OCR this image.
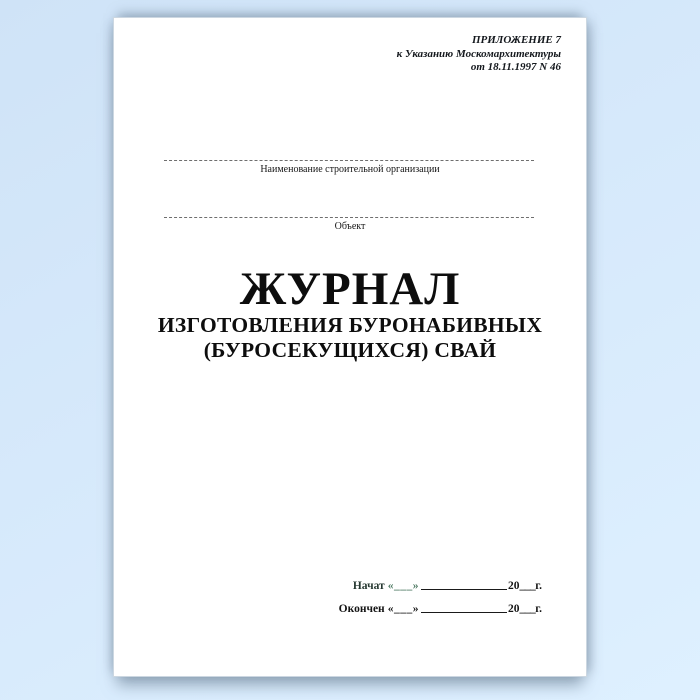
ПРИЛОЖЕНИЕ 7
к Указанию Москомархитектуры
от 18.11.1997 N 46
Наименование строительной организации
Объект
ЖУРНАЛ
ИЗГОТОВЛЕНИЯ БУРОНАБИВНЫХ
(БУРОСЕКУЩИХСЯ) СВАЙ
Начат «___»	20 ___ г.
Окончен «___»	20 ___ г.
